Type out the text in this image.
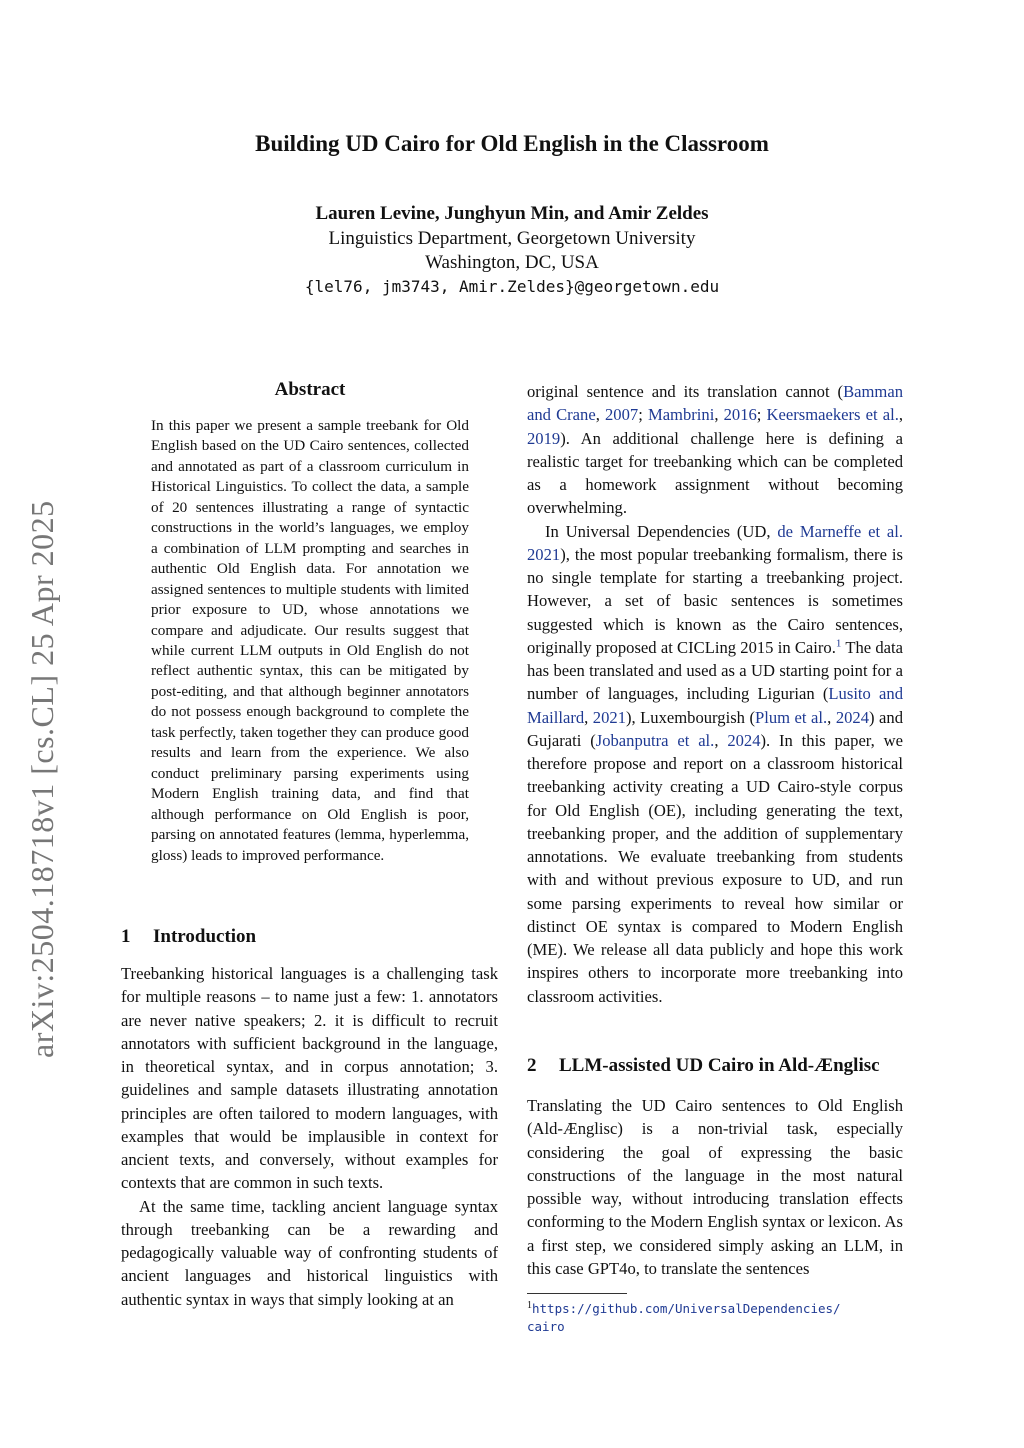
arXiv:2504.18718v1 [cs.CL] 25 Apr 2025
Building UD Cairo for Old English in the Classroom
Lauren Levine, Junghyun Min, and Amir Zeldes
Linguistics Department, Georgetown University
Washington, DC, USA
{lel76, jm3743, Amir.Zeldes}@georgetown.edu
Abstract

In this paper we present a sample treebank for Old English based on the UD Cairo sentences, collected and annotated as part of a classroom curriculum in Historical Linguistics. To collect the data, a sample of 20 sentences illustrating a range of syntactic constructions in the world’s languages, we employ a combination of LLM prompting and searches in authentic Old English data. For annotation we assigned sentences to multiple students with limited prior exposure to UD, whose annotations we compare and adjudicate. Our results suggest that while current LLM outputs in Old English do not reflect authentic syntax, this can be mitigated by post-editing, and that although beginner annotators do not possess enough background to complete the task perfectly, taken together they can produce good results and learn from the experience. We also conduct preliminary parsing experiments using Modern English training data, and find that although performance on Old English is poor, parsing on annotated features (lemma, hyperlemma, gloss) leads to improved performance.

1 Introduction

Treebanking historical languages is a challenging task for multiple reasons – to name just a few: 1. annotators are never native speakers; 2. it is difficult to recruit annotators with sufficient background in the language, in theoretical syntax, and in corpus annotation; 3. guidelines and sample datasets illustrating annotation principles are often tailored to modern languages, with examples that would be implausible in context for ancient texts, and conversely, without examples for contexts that are common in such texts.

At the same time, tackling ancient language syntax through treebanking can be a rewarding and pedagogically valuable way of confronting students of ancient languages and historical linguistics with authentic syntax in ways that simply looking at an

original sentence and its translation cannot (Bamman and Crane, 2007; Mambrini, 2016; Keersmaekers et al., 2019). An additional challenge here is defining a realistic target for treebanking which can be completed as a homework assignment without becoming overwhelming.

In Universal Dependencies (UD, de Marneffe et al. 2021), the most popular treebanking formalism, there is no single template for starting a treebanking project. However, a set of basic sentences is sometimes suggested which is known as the Cairo sentences, originally proposed at CICLing 2015 in Cairo.$^1$ The data has been translated and used as a UD starting point for a number of languages, including Ligurian (Lusito and Maillard, 2021), Luxembourgish (Plum et al., 2024) and Gujarati (Jobanputra et al., 2024). In this paper, we therefore propose and report on a classroom historical treebanking activity creating a UD Cairo-style corpus for Old English (OE), including generating the text, treebanking proper, and the addition of supplementary annotations. We evaluate treebanking from students with and without previous exposure to UD, and run some parsing experiments to reveal how similar or distinct OE syntax is compared to Modern English (ME). We release all data publicly and hope this work inspires others to incorporate more treebanking into classroom activities.

2 LLM-assisted UD Cairo in Ald-Ænglisc

Translating the UD Cairo sentences to Old English (Ald-Ænglisc) is a non-trivial task, especially considering the goal of expressing the basic constructions of the language in the most natural possible way, without introducing translation effects conforming to the Modern English syntax or lexicon. As a first step, we considered simply asking an LLM, in this case GPT4o, to translate the sentences

$^1$https://github.com/UniversalDependencies/
cairo
